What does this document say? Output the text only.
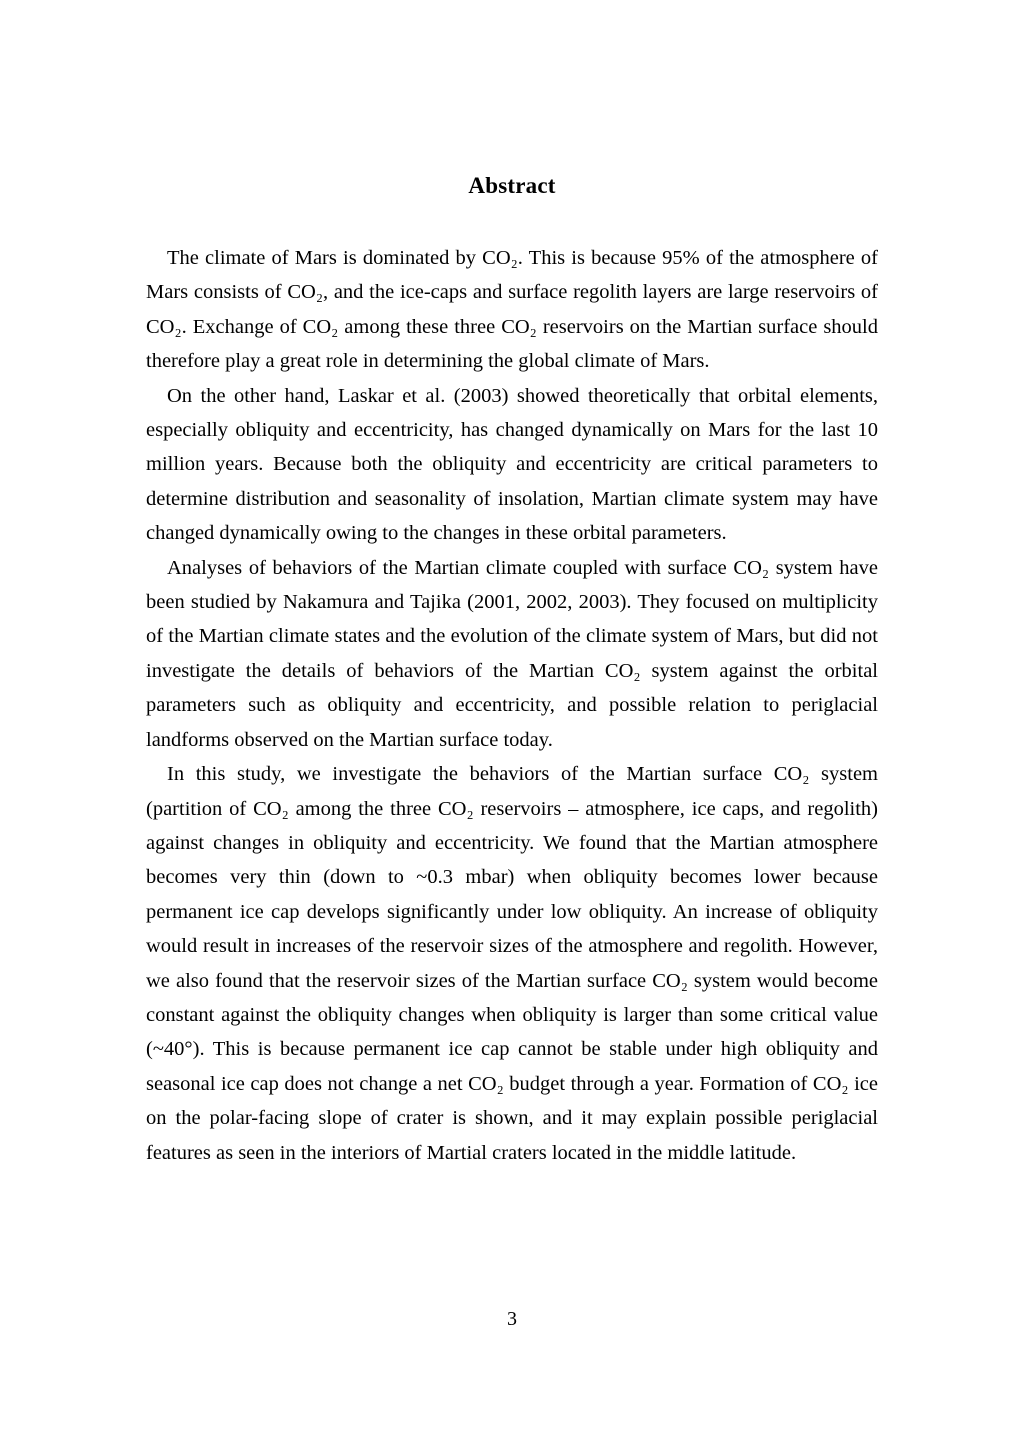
Abstract

The climate of Mars is dominated by CO₂. This is because 95% of the atmosphere of Mars consists of CO₂, and the ice-caps and surface regolith layers are large reservoirs of CO₂. Exchange of CO₂ among these three CO₂ reservoirs on the Martian surface should therefore play a great role in determining the global climate of Mars.

On the other hand, Laskar et al. (2003) showed theoretically that orbital elements, especially obliquity and eccentricity, has changed dynamically on Mars for the last 10 million years. Because both the obliquity and eccentricity are critical parameters to determine distribution and seasonality of insolation, Martian climate system may have changed dynamically owing to the changes in these orbital parameters.

Analyses of behaviors of the Martian climate coupled with surface CO₂ system have been studied by Nakamura and Tajika (2001, 2002, 2003). They focused on multiplicity of the Martian climate states and the evolution of the climate system of Mars, but did not investigate the details of behaviors of the Martian CO₂ system against the orbital parameters such as obliquity and eccentricity, and possible relation to periglacial landforms observed on the Martian surface today.

In this study, we investigate the behaviors of the Martian surface CO₂ system (partition of CO₂ among the three CO₂ reservoirs – atmosphere, ice caps, and regolith) against changes in obliquity and eccentricity. We found that the Martian atmosphere becomes very thin (down to ~0.3 mbar) when obliquity becomes lower because permanent ice cap develops significantly under low obliquity. An increase of obliquity would result in increases of the reservoir sizes of the atmosphere and regolith. However, we also found that the reservoir sizes of the Martian surface CO₂ system would become constant against the obliquity changes when obliquity is larger than some critical value (~40°). This is because permanent ice cap cannot be stable under high obliquity and seasonal ice cap does not change a net CO₂ budget through a year. Formation of CO₂ ice on the polar-facing slope of crater is shown, and it may explain possible periglacial features as seen in the interiors of Martial craters located in the middle latitude.

3
